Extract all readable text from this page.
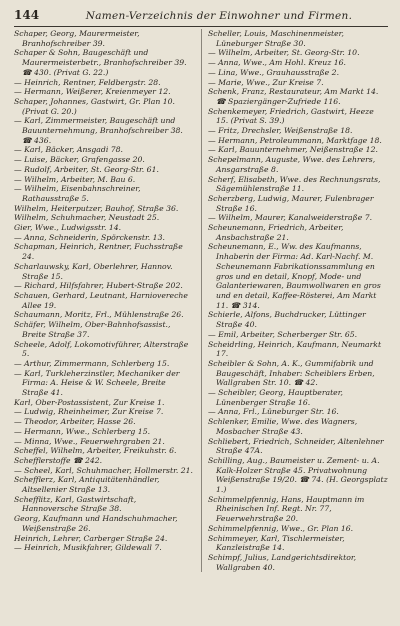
144	Namen-Verzeichnis der Einwohner und Firmen.
Schaper, Georg, Maurermeister, Branhofschreiber 39.
Schaper & Sohn, Baugeschäft und Maurermeisterbetr., Branhofschreiber 39. ☎ 430. (Privat G. 22.)
— Heinrich, Rentner, Feldbergstr. 28.
— Hermann, Weißerer, Kreienmeyer 12.
Schaper, Johannes, Gastwirt, Gr. Plan 10. (Privat G. 20.)
— Karl, Zimmermeister, Baugeschäft und Bauunternehmung, Branhofschreiber 38. ☎ 436.
— Karl, Bäcker, Ansgadi 78.
— Luise, Bäcker, Grafengasse 20.
— Rudolf, Arbeiter, St. Georg-Str. 61.
— Wilhelm, Arbeiter, M. Bau 6.
— Wilhelm, Eisenbahnschreiner, Rathausstraße 5.
Wilhelm, Heiterputzer, Bauhof, Straße 36.
Wilhelm, Schuhmacher, Neustadt 25.
Gier, Wwe., Ludwigsstr. 14.
— Anna, Schneiderin, Spörckenstr. 13.
Schapman, Heinrich, Rentner, Fuchsstraße 24.
Scharlauwsky, Karl, Oberlehrer, Hannov. Straße 15.
— Richard, Hilfsfahrer, Hubert-Straße 202.
Schauen, Gerhard, Leutnant, Harniovereche Allee 19.
Schaumann, Moritz, Frl., Mühlenstraße 26.
Schäfer, Wilhelm, Ober-Bahnhofsassist., Breite Straße 37.
Scheele, Adolf, Lokomotivführer, Alterstraße 5.
— Arthur, Zimmermann, Schlerberg 15.
— Karl, Turkleherzinstler, Mechaniker der Firma: A. Heise & W. Scheele, Breite Straße 41.
Karl, Ober-Postassistent, Zur Kreise 1.
— Ludwig, Rheinheimer, Zur Kreise 7.
— Theodor, Arbeiter, Hasse 26.
— Hermann, Wwe., Schlerberg 15.
— Minna, Wwe., Feuerwehrgraben 21.
Scheffel, Wilhelm, Arbeiter, Freikuhstr. 6.
Schefflerstoffe ☎ 242.
— Scheel, Karl, Schuhmacher, Hollmerstr. 21.
Schefflerz, Karl, Antiquitätenhändler, Altsellenier Straße 13.
Schefflitz, Karl, Gastwirtschaft, Hannoversche Straße 38.
Georg, Kaufmann und Handschuhmacher, Weißenstraße 26.
Heinrich, Lehrer, Carberger Straße 24.
— Heinrich, Musikfahrer, Gildewall 7.
Scheller, Louis, Maschinenmeister, Lüneburger Straße 30.
— Wilhelm, Arbeiter, St. Georg-Str. 10.
— Anna, Wwe., Am Hohl. Kreuz 16.
— Lina, Wwe., Grauhausstraße 2.
— Marie, Wwe., Zur Kreise 7.
Schenk, Franz, Restaurateur, Am Markt 14. ☎ Spaziergänger-Zufriede 116.
Schenkemeyer, Friedrich, Gastwirt, Heeze 15. (Privat S. 39.)
— Fritz, Drechsler, Weißenstraße 18.
— Hermann, Petroleummann, Marktfage 18.
— Karl, Bauunternehmer, Neißenstraße 12.
Schepelmann, Auguste, Wwe. des Lehrers, Ansgarstraße 8.
Scherf, Elisabeth, Wwe. des Rechnungsrats, Sägemühlenstraße 11.
Scherzberg, Ludwig, Maurer, Fulenbrager Straße 16.
— Wilhelm, Maurer, Kanalweiderstraße 7.
Scheunemann, Friedrich, Arbeiter, Ansbachstraße 21.
Scheunemann, E., Ww. des Kaufmanns, Inhaberin der Firma: Ad. Karl-Nachf. M. Scheunemann Fabrikationssammlung en gros und en detail, Knopf, Mode- und Galanteriewaren, Baumwollwaren en gros und en detail, Kaffee-Rösterei, Am Markt 11. ☎ 314.
Schierle, Alfons, Buchdrucker, Lüttinger Straße 40.
— Emil, Arbeiter, Scherberger Str. 65.
Scheidrling, Heinrich, Kaufmann, Neumarkt 17.
Scheibler & Sohn, A. K., Gummifabrik und Baugeschäft, Inhaber: Scheiblers Erben, Wallgraben Str. 10. ☎ 42.
— Scheibler, Georg, Hauptberater, Lünenberger Straße 16.
— Anna, Frl., Lüneburger Str. 16.
Schlenker, Emilie, Wwe. des Wagners, Mosbacher Straße 43.
Schliebert, Friedrich, Schneider, Altenlehner Straße 47A.
Schilling, Aug., Baumeister u. Zement- u. A. Kalk-Holzer Straße 45. Privatwohnung Weißenstraße 19/20. ☎ 74. (H. Georgsplatz 1.)
Schimmelpfennig, Hans, Hauptmann im Rheinischen Inf. Regt. Nr. 77, Feuerwehrstraße 20.
Schimmelpfennig, Wwe., Gr. Plan 16.
Schimmeyer, Karl, Tischlermeister, Kanzleistraße 14.
Schimpf, Julius, Landgerichtsdirektor, Wallgraben 40.
